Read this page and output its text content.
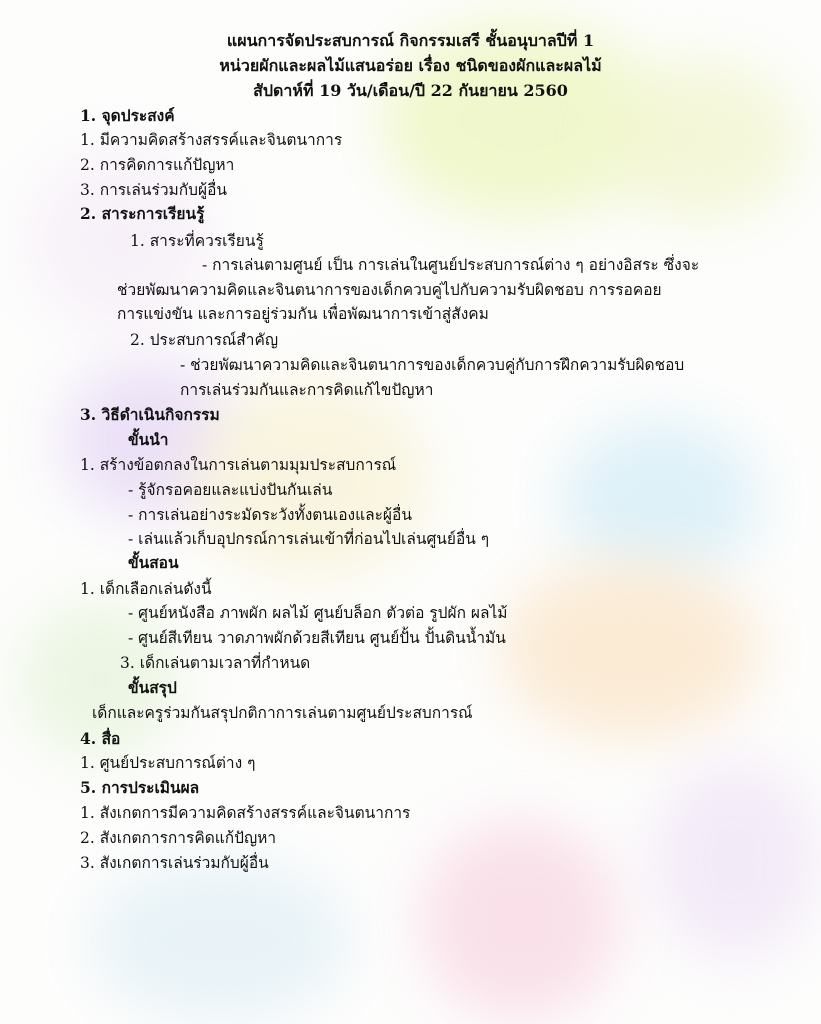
แผนการจัดประสบการณ์ กิจกรรมเสรี ชั้นอนุบาลปีที่ 1
หน่วยผักและผลไม้แสนอร่อย เรื่อง ชนิดของผักและผลไม้
สัปดาห์ที่ 19 วัน/เดือน/ปี 22 กันยายน 2560
1. จุดประสงค์
1. มีความคิดสร้างสรรค์และจินตนาการ
2. การคิดการแก้ปัญหา
3. การเล่นร่วมกับผู้อื่น
2. สาระการเรียนรู้
1. สาระที่ควรเรียนรู้
- การเล่นตามศูนย์ เป็น การเล่นในศูนย์ประสบการณ์ต่าง ๆ อย่างอิสระ ซึ่งจะ
ช่วยพัฒนาความคิดและจินตนาการของเด็กควบคู่ไปกับความรับผิดชอบ การรอคอย
การแข่งขัน และการอยู่ร่วมกัน เพื่อพัฒนาการเข้าสู่สังคม
2. ประสบการณ์สำคัญ
- ช่วยพัฒนาความคิดและจินตนาการของเด็กควบคู่กับการฝึกความรับผิดชอบ
การเล่นร่วมกันและการคิดแก้ไขปัญหา
3. วิธีดำเนินกิจกรรม
ขั้นนำ
1. สร้างข้อตกลงในการเล่นตามมุมประสบการณ์
- รู้จักรอคอยและแบ่งปันกันเล่น
- การเล่นอย่างระมัดระวังทั้งตนเองและผู้อื่น
- เล่นแล้วเก็บอุปกรณ์การเล่นเข้าที่ก่อนไปเล่นศูนย์อื่น ๆ
ขั้นสอน
1. เด็กเลือกเล่นดังนี้
- ศูนย์หนังสือ ภาพผัก ผลไม้ ศูนย์บล็อก ตัวต่อ รูปผัก ผลไม้
- ศูนย์สีเทียน วาดภาพผักด้วยสีเทียน ศูนย์ปั้น ปั้นดินน้ำมัน
3. เด็กเล่นตามเวลาที่กำหนด
ขั้นสรุป
เด็กและครูร่วมกันสรุปกติกาการเล่นตามศูนย์ประสบการณ์
4. สื่อ
1. ศูนย์ประสบการณ์ต่าง ๆ
5. การประเมินผล
1. สังเกตการมีความคิดสร้างสรรค์และจินตนาการ
2. สังเกตการการคิดแก้ปัญหา
3. สังเกตการเล่นร่วมกับผู้อื่น
